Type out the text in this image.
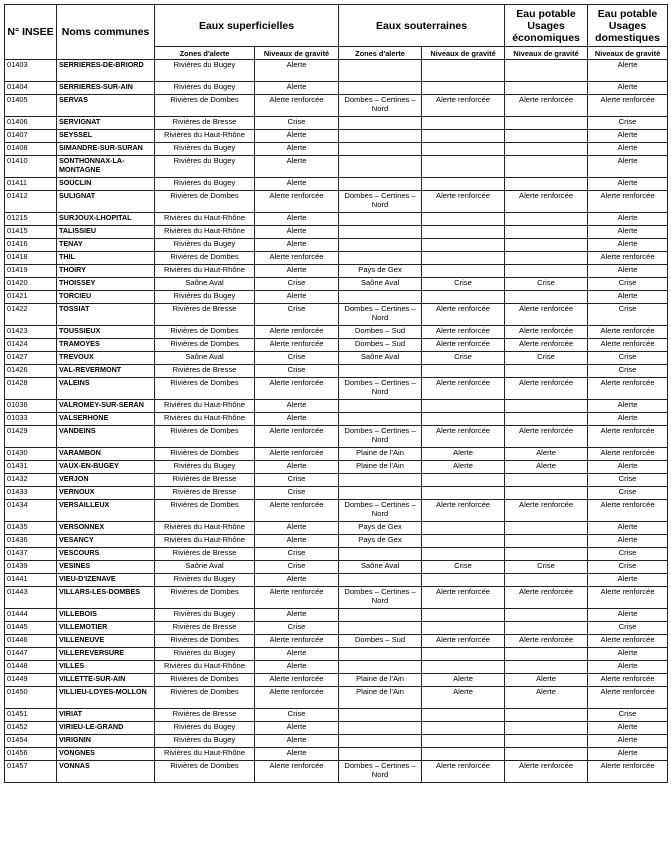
N° INSEE	Noms communes	Eaux superficielles		Eaux souterraines		Eau potable Usages économiques	Eau potable Usages domestiques
		Zones d'alerte	Niveaux de gravité	Zones d'alerte	Niveaux de gravité	Niveaux de gravité	Niveaux de gravité
01403	SERRIERES-DE-BRIORD	Rivières du Bugey	Alerte				Alerte
01404	SERRIERES-SUR-AIN	Rivières du Bugey	Alerte				Alerte
01405	SERVAS	Rivières de Dombes	Alerte renforcée	Dombes – Certines – Nord	Alerte renforcée	Alerte renforcée	Alerte renforcée
01406	SERVIGNAT	Rivières de Bresse	Crise				Crise
01407	SEYSSEL	Rivières du Haut-Rhône	Alerte				Alerte
01408	SIMANDRE-SUR-SURAN	Rivières du Bugey	Alerte				Alerte
01410	SONTHONNAX-LA-MONTAGNE	Rivières du Bugey	Alerte				Alerte
01411	SOUCLIN	Rivières du Bugey	Alerte				Alerte
01412	SULIGNAT	Rivières de Dombes	Alerte renforcée	Dombes – Certines – Nord	Alerte renforcée	Alerte renforcée	Alerte renforcée
01215	SURJOUX-LHOPITAL	Rivières du Haut-Rhône	Alerte				Alerte
01415	TALISSIEU	Rivières du Haut-Rhône	Alerte				Alerte
01416	TENAY	Rivières du Bugey	Alerte				Alerte
01418	THIL	Rivières de Dombes	Alerte renforcée				Alerte renforcée
01419	THOIRY	Rivières du Haut-Rhône	Alerte	Pays de Gex			Alerte
01420	THOISSEY	Saône Aval	Crise	Saône Aval	Crise	Crise	Crise
01421	TORCIEU	Rivières du Bugey	Alerte				Alerte
01422	TOSSIAT	Rivières de Bresse	Crise	Dombes – Certines – Nord	Alerte renforcée	Alerte renforcée	Crise
01423	TOUSSIEUX	Rivières de Dombes	Alerte renforcée	Dombes – Sud	Alerte renforcée	Alerte renforcée	Alerte renforcée
01424	TRAMOYES	Rivières de Dombes	Alerte renforcée	Dombes – Sud	Alerte renforcée	Alerte renforcée	Alerte renforcée
01427	TREVOUX	Saône Aval	Crise	Saône Aval	Crise	Crise	Crise
01426	VAL-REVERMONT	Rivières de Bresse	Crise				Crise
01428	VALEINS	Rivières de Dombes	Alerte renforcée	Dombes – Certines – Nord	Alerte renforcée	Alerte renforcée	Alerte renforcée
01036	VALROMEY-SUR-SERAN	Rivières du Haut-Rhône	Alerte				Alerte
01033	VALSERHONE	Rivières du Haut-Rhône	Alerte				Alerte
01429	VANDEINS	Rivières de Dombes	Alerte renforcée	Dombes – Certines – Nord	Alerte renforcée	Alerte renforcée	Alerte renforcée
01430	VARAMBON	Rivières de Dombes	Alerte renforcée	Plaine de l'Ain	Alerte	Alerte	Alerte renforcée
01431	VAUX-EN-BUGEY	Rivières du Bugey	Alerte	Plaine de l'Ain	Alerte	Alerte	Alerte
01432	VERJON	Rivières de Bresse	Crise				Crise
01433	VERNOUX	Rivières de Bresse	Crise				Crise
01434	VERSAILLEUX	Rivières de Dombes	Alerte renforcée	Dombes – Certines – Nord	Alerte renforcée	Alerte renforcée	Alerte renforcée
01435	VERSONNEX	Rivières du Haut-Rhône	Alerte	Pays de Gex			Alerte
01436	VESANCY	Rivières du Haut-Rhône	Alerte	Pays de Gex			Alerte
01437	VESCOURS	Rivières de Bresse	Crise				Crise
01439	VESINES	Saône Aval	Crise	Saône Aval	Crise	Crise	Crise
01441	VIEU-D'IZENAVE	Rivières du Bugey	Alerte				Alerte
01443	VILLARS-LES-DOMBES	Rivières de Dombes	Alerte renforcée	Dombes – Certines – Nord	Alerte renforcée	Alerte renforcée	Alerte renforcée
01444	VILLEBOIS	Rivières du Bugey	Alerte				Alerte
01445	VILLEMOTIER	Rivières de Bresse	Crise				Crise
01446	VILLENEUVE	Rivières de Dombes	Alerte renforcée	Dombes – Sud	Alerte renforcée	Alerte renforcée	Alerte renforcée
01447	VILLEREVERSURE	Rivières du Bugey	Alerte				Alerte
01448	VILLES	Rivières du Haut-Rhône	Alerte				Alerte
01449	VILLETTE-SUR-AIN	Rivières de Dombes	Alerte renforcée	Plaine de l'Ain	Alerte	Alerte	Alerte renforcée
01450	VILLIEU-LOYES-MOLLON	Rivières de Dombes	Alerte renforcée	Plaine de l'Ain	Alerte	Alerte	Alerte renforcée
01451	VIRIAT	Rivières de Bresse	Crise				Crise
01452	VIRIEU-LE-GRAND	Rivières du Bugey	Alerte				Alerte
01454	VIRIGNIN	Rivières du Bugey	Alerte				Alerte
01456	VONGNES	Rivières du Haut-Rhône	Alerte				Alerte
01457	VONNAS	Rivières de Dombes	Alerte renforcée	Dombes – Certines – Nord	Alerte renforcée	Alerte renforcée	Alerte renforcée
